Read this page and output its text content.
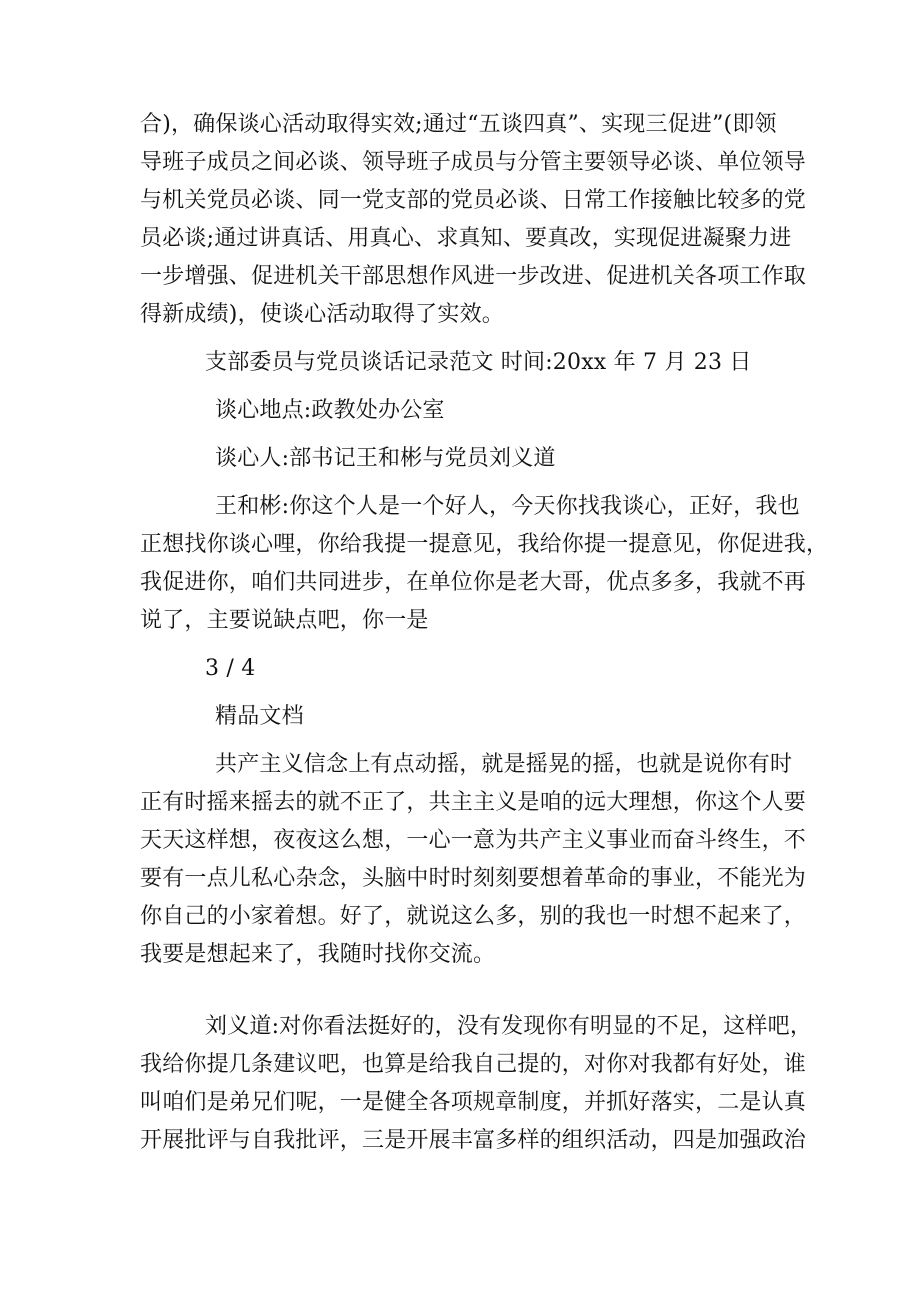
合)，确保谈心活动取得实效;通过“五谈四真”、实现三促进”(即领
导班子成员之间必谈、领导班子成员与分管主要领导必谈、单位领导
与机关党员必谈、同一党支部的党员必谈、日常工作接触比较多的党
员必谈;通过讲真话、用真心、求真知、要真改，实现促进凝聚力进
一步增强、促进机关干部思想作风进一步改进、促进机关各项工作取
得新成绩)，使谈心活动取得了实效。
支部委员与党员谈话记录范文 时间:20xx 年 7 月 23 日
谈心地点:政教处办公室
谈心人:部书记王和彬与党员刘义道
王和彬:你这个人是一个好人，今天你找我谈心，正好，我也
正想找你谈心哩，你给我提一提意见，我给你提一提意见，你促进我，
我促进你，咱们共同进步，在单位你是老大哥，优点多多，我就不再
说了，主要说缺点吧，你一是
3 / 4
精品文档
共产主义信念上有点动摇，就是摇晃的摇，也就是说你有时
正有时摇来摇去的就不正了，共主主义是咱的远大理想，你这个人要
天天这样想，夜夜这么想，一心一意为共产主义事业而奋斗终生，不
要有一点儿私心杂念，头脑中时时刻刻要想着革命的事业，不能光为
你自己的小家着想。好了，就说这么多，别的我也一时想不起来了，
我要是想起来了，我随时找你交流。
刘义道:对你看法挺好的，没有发现你有明显的不足，这样吧，
我给你提几条建议吧，也算是给我自己提的，对你对我都有好处，谁
叫咱们是弟兄们呢，一是健全各项规章制度，并抓好落实，二是认真
开展批评与自我批评，三是开展丰富多样的组织活动，四是加强政治
